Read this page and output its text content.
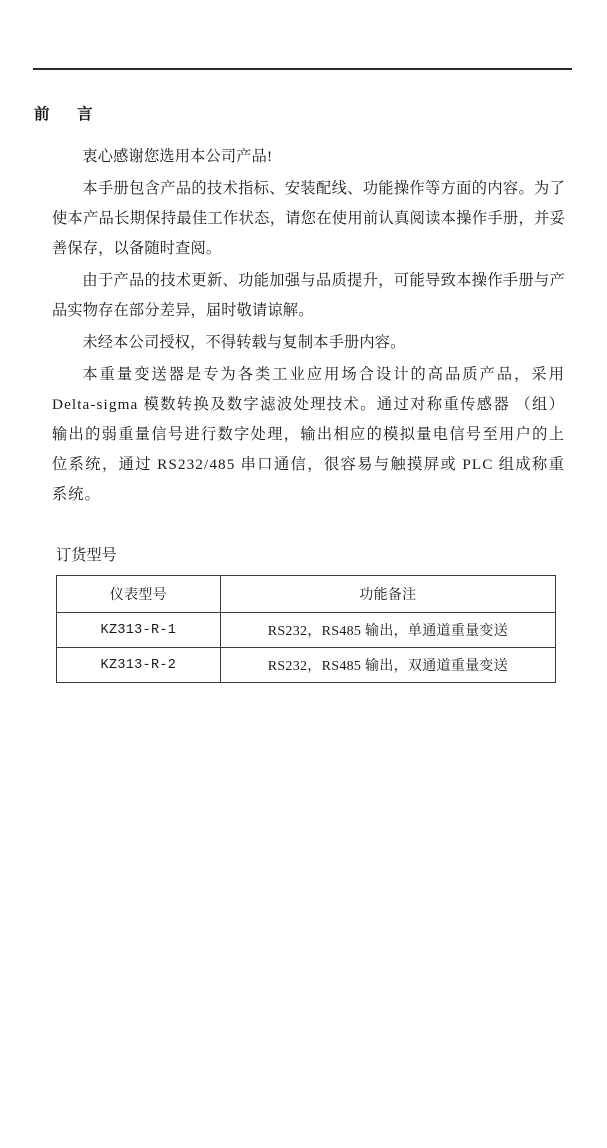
前　言

衷心感谢您选用本公司产品!

本手册包含产品的技术指标、安装配线、功能操作等方面的内容。为了使本产品长期保持最佳工作状态，请您在使用前认真阅读本操作手册，并妥善保存，以备随时查阅。

由于产品的技术更新、功能加强与品质提升，可能导致本操作手册与产品实物存在部分差异，届时敬请谅解。

未经本公司授权，不得转载与复制本手册内容。

本重量变送器是专为各类工业应用场合设计的高品质产品，采用 Delta-sigma 模数转换及数字滤波处理技术。通过对称重传感器 （组）输出的弱重量信号进行数字处理，输出相应的模拟量电信号至用户的上位系统，通过 RS232/485 串口通信，很容易与触摸屏或 PLC 组成称重系统。

订货型号
仪表型号	功能备注
KZ313-R-1	RS232，RS485 输出，单通道重量变送
KZ313-R-2	RS232，RS485 输出，双通道重量变送
